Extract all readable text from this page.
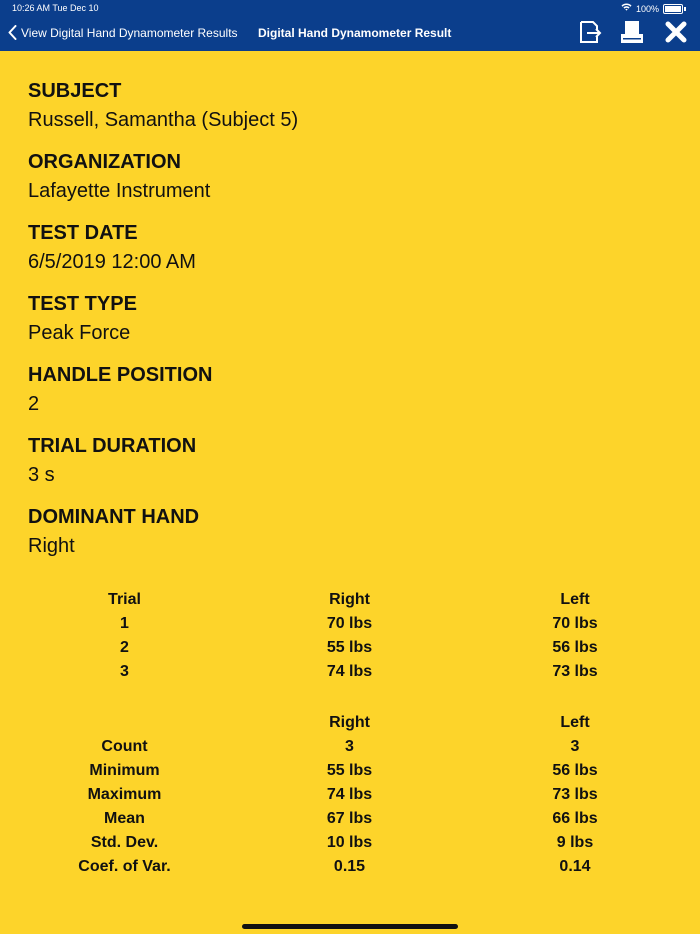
10:26 AM Tue Dec 10	100%
View Digital Hand Dynamometer Results Digital Hand Dynamometer Result
SUBJECT
Russell, Samantha (Subject 5)
ORGANIZATION
Lafayette Instrument
TEST DATE
6/5/2019 12:00 AM
TEST TYPE
Peak Force
HANDLE POSITION
2
TRIAL DURATION
3 s
DOMINANT HAND
Right
Trial	Right	Left
1	70 lbs	70 lbs
2	55 lbs	56 lbs
3	74 lbs	73 lbs
	Right	Left
Count	3	3
Minimum	55 lbs	56 lbs
Maximum	74 lbs	73 lbs
Mean	67 lbs	66 lbs
Std. Dev.	10 lbs	9 lbs
Coef. of Var.	0.15	0.14
